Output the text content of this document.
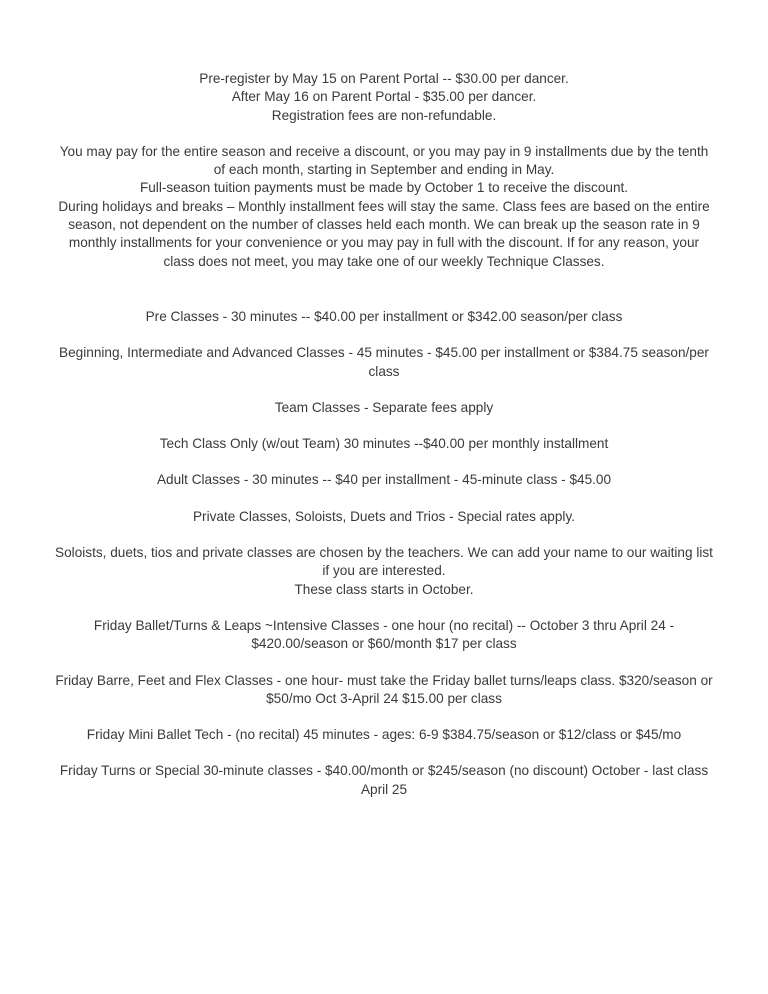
Pre-register by May 15 on Parent Portal -- $30.00 per dancer.
After May 16 on Parent Portal - $35.00 per dancer.
Registration fees are non-refundable.

You may pay for the entire season and receive a discount, or you may pay in 9 installments due by the tenth of each month, starting in September and ending in May.
Full-season tuition payments must be made by October 1 to receive the discount.
During holidays and breaks – Monthly installment fees will stay the same. Class fees are based on the entire season, not dependent on the number of classes held each month. We can break up the season rate in 9 monthly installments for your convenience or you may pay in full with the discount. If for any reason, your class does not meet, you may take one of our weekly Technique Classes.

Pre Classes - 30 minutes -- $40.00 per installment or $342.00 season/per class

Beginning, Intermediate and Advanced Classes - 45 minutes - $45.00 per installment or $384.75 season/per class

Team Classes - Separate fees apply

Tech Class Only (w/out Team) 30 minutes --$40.00 per monthly installment

Adult Classes - 30 minutes -- $40 per installment - 45-minute class - $45.00

Private Classes, Soloists, Duets and Trios - Special rates apply.

Soloists, duets, tios and private classes are chosen by the teachers. We can add your name to our waiting list if you are interested.
These class starts in October.

Friday Ballet/Turns & Leaps ~Intensive Classes - one hour (no recital) -- October 3 thru April 24 - $420.00/season or $60/month $17 per class

Friday Barre, Feet and Flex Classes - one hour- must take the Friday ballet turns/leaps class. $320/season or $50/mo Oct 3-April 24 $15.00 per class

Friday Mini Ballet Tech - (no recital) 45 minutes - ages: 6-9 $384.75/season or $12/class or $45/mo

Friday Turns or Special 30-minute classes - $40.00/month or $245/season (no discount) October - last class April 25
